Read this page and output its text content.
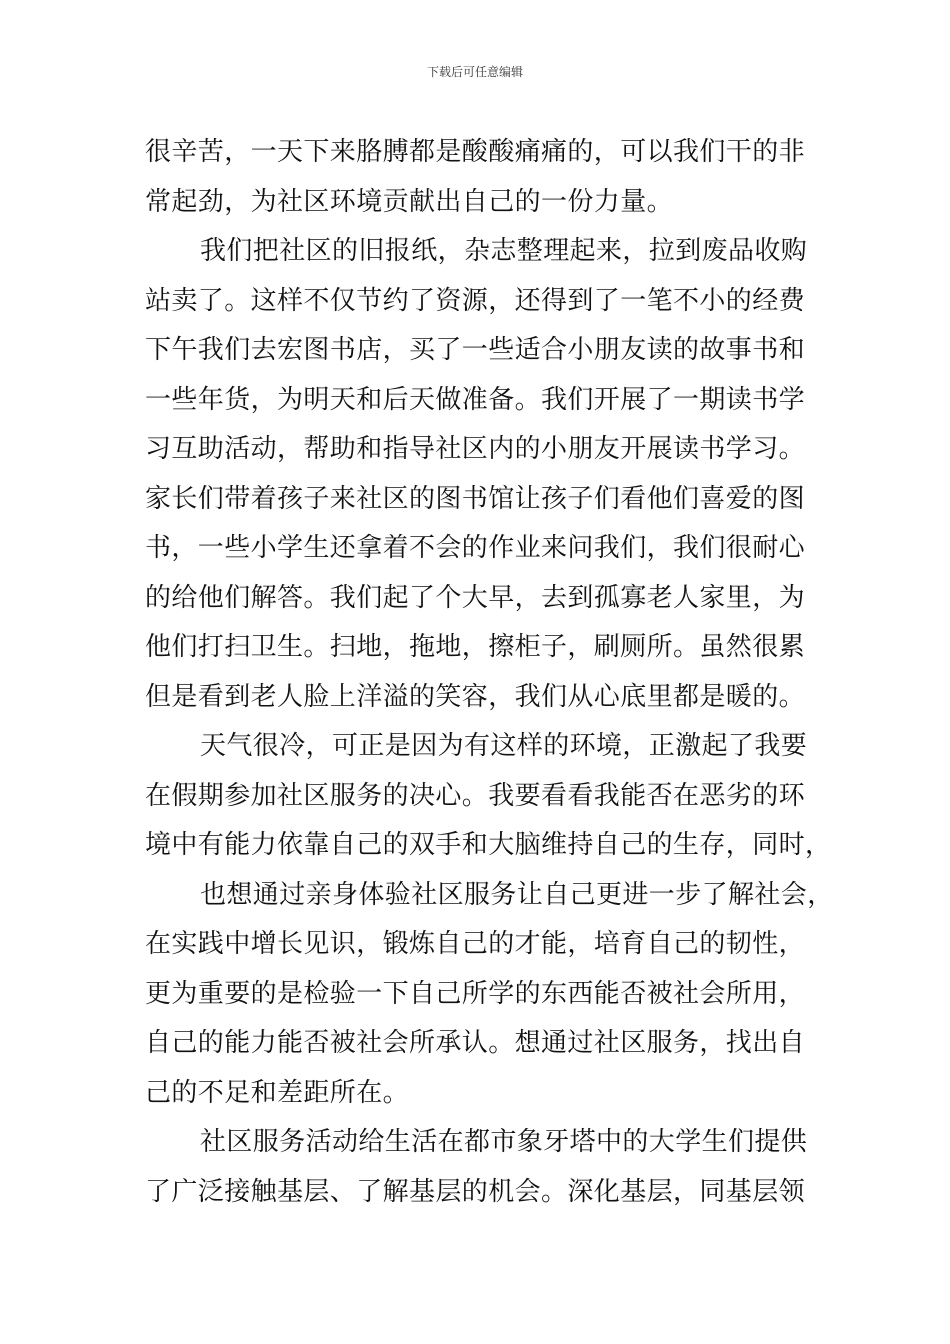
下载后可任意编辑
很辛苦，一天下来胳膊都是酸酸痛痛的，可以我们干的非
常起劲，为社区环境贡献出自己的一份力量。
我们把社区的旧报纸，杂志整理起来，拉到废品收购
站卖了。这样不仅节约了资源，还得到了一笔不小的经费
下午我们去宏图书店，买了一些适合小朋友读的故事书和
一些年货，为明天和后天做准备。我们开展了一期读书学
习互助活动，帮助和指导社区内的小朋友开展读书学习。
家长们带着孩子来社区的图书馆让孩子们看他们喜爱的图
书，一些小学生还拿着不会的作业来问我们，我们很耐心
的给他们解答。我们起了个大早，去到孤寡老人家里，为
他们打扫卫生。扫地，拖地，擦柜子，刷厕所。虽然很累
但是看到老人脸上洋溢的笑容，我们从心底里都是暖的。
天气很冷，可正是因为有这样的环境，正激起了我要
在假期参加社区服务的决心。我要看看我能否在恶劣的环
境中有能力依靠自己的双手和大脑维持自己的生存，同时，
也想通过亲身体验社区服务让自己更进一步了解社会，
在实践中增长见识，锻炼自己的才能，培育自己的韧性，
更为重要的是检验一下自己所学的东西能否被社会所用，
自己的能力能否被社会所承认。想通过社区服务，找出自
己的不足和差距所在。
社区服务活动给生活在都市象牙塔中的大学生们提供
了广泛接触基层、了解基层的机会。深化基层，同基层领
